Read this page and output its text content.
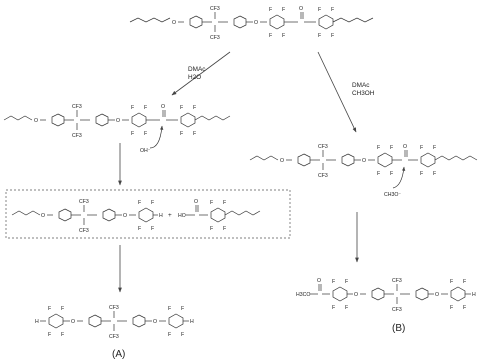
O
CF3
CF3
O
F F
F F
O	F F
F F
DMAc
H2O
DMAc
CH3OH
O
CF3
CF3
O
F F
F F
O	F F
F F
OH⁻
O
CF3
CF3
O
F F
F F
O F F
F F
CH3O⁻
O
CF3
CF3
O
F F
F F
H + HO
O F F
F F
H
F F
F F
O
CF3
CF3
O
F F
F F
H
(A)
H3CO
O F F
F F
O
CF3
CF3
O
F F
F F
H
(B)
